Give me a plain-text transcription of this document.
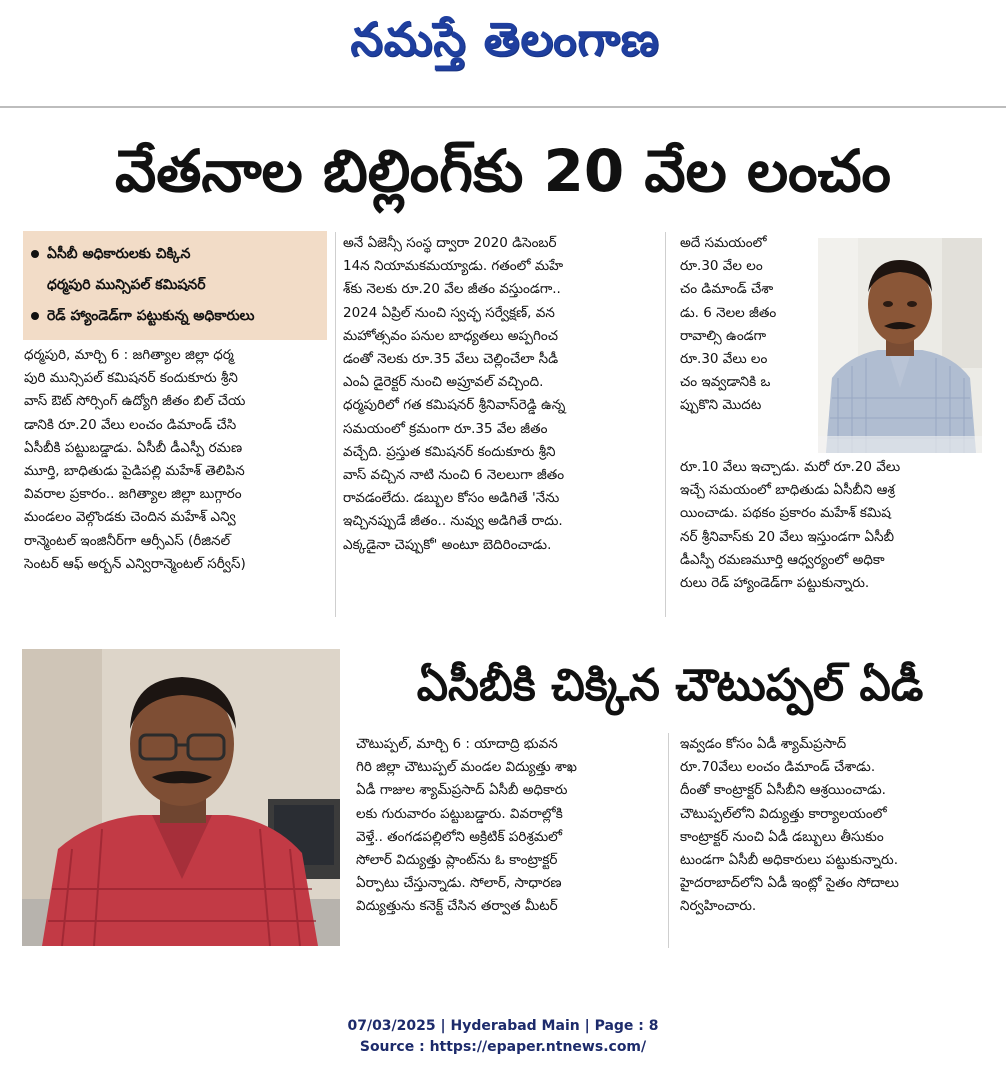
నమస్తే తెలంగాణ
వేతనాల బిల్లింగ్‌కు 20 వేల లంచం
ఏసీబీ అధికారులకు చిక్కిన
ధర్మపురి మున్సిపల్ కమిషనర్
రెడ్ హ్యాండెడ్‌గా పట్టుకున్న అధికారులు

ధర్మపురి, మార్చి 6 : జగిత్యాల జిల్లా ధర్మ

పురి మున్సిపల్ కమిషనర్ కందుకూరు శ్రీని

వాస్ ఔట్ సోర్సింగ్ ఉద్యోగి జీతం బిల్ చేయ

డానికి రూ.20 వేలు లంచం డిమాండ్ చేసి

ఏసీబీకి పట్టుబడ్డాడు. ఏసీబీ డీఎస్పీ రమణ

మూర్తి, బాధితుడు పైడిపల్లి మహేశ్ తెలిపిన

వివరాల ప్రకారం.. జగిత్యాల జిల్లా బుగ్గారం

మండలం వెల్గొండకు చెందిన మహేశ్ ఎన్వి

రాన్మెంటల్ ఇంజినీర్‌గా ఆర్సీఎస్ (రీజినల్

సెంటర్ ఆఫ్ అర్బన్ ఎన్విరాన్మెంటల్ సర్వీస్)

అనే ఏజెన్సీ సంస్థ ద్వారా 2020 డిసెంబర్

14న నియామకమయ్యాడు. గతంలో మహే

శ్‌కు నెలకు రూ.20 వేల జీతం వస్తుండగా..

2024 ఏప్రిల్ నుంచి స్వచ్ఛ సర్వేక్షణ్, వన

మహోత్సవం పనుల బాధ్యతలు అప్పగించ

డంతో నెలకు రూ.35 వేలు చెల్లించేలా సీడీ

ఎంఏ డైరెక్టర్ నుంచి అప్రూవల్ వచ్చింది.

ధర్మపురిలో గత కమిషనర్ శ్రీనివాస్‌రెడ్డి ఉన్న

సమయంలో క్రమంగా రూ.35 వేల జీతం

వచ్చేది. ప్రస్తుత కమిషనర్ కందుకూరు శ్రీని

వాస్ వచ్చిన నాటి నుంచి 6 నెలలుగా జీతం

రావడంలేదు. డబ్బుల కోసం అడిగితే 'నేను

ఇచ్చినప్పుడే జీతం.. నువ్వు అడిగితే రాదు.

ఎక్కడైనా చెప్పుకో' అంటూ బెదిరించాడు.

అదే సమయంలో

రూ.30 వేల లం

చం డిమాండ్ చేశా

డు. 6 నెలల జీతం

రావాల్సి ఉండగా

రూ.30 వేలు లం

చం ఇవ్వడానికి ఒ

ప్పుకొని మొదట

రూ.10 వేలు ఇచ్చాడు. మరో రూ.20 వేలు

ఇచ్చే సమయంలో బాధితుడు ఏసీబీని ఆశ్ర

యించాడు. పథకం ప్రకారం మహేశ్ కమిష

నర్ శ్రీనివాస్‌కు 20 వేలు ఇస్తుండగా ఏసీబీ

డీఎస్పీ రమణమూర్తి ఆధ్వర్యంలో అధికా

రులు రెడ్ హ్యాండెడ్‌గా పట్టుకున్నారు.

ఏసీబీకి చిక్కిన చౌటుప్పల్ ఏడీ

చౌటుప్పల్, మార్చి 6 : యాదాద్రి భువన

గిరి జిల్లా చౌటుప్పల్ మండల విద్యుత్తు శాఖ

ఏడీ గాజుల శ్యామ్‌ప్రసాద్ ఏసీబీ అధికారు

లకు గురువారం పట్టుబడ్డారు. వివరాల్లోకి

వెళ్తే.. తంగడపల్లిలోని అక్రిటిక్ పరిశ్రమలో

సోలార్ విద్యుత్తు ప్లాంట్‌ను ఓ కాంట్రాక్టర్

ఏర్పాటు చేస్తున్నాడు. సోలార్, సాధారణ

విద్యుత్తును కనెక్ట్ చేసిన తర్వాత మీటర్

ఇవ్వడం కోసం ఏడీ శ్యామ్‌ప్రసాద్

రూ.70వేలు లంచం డిమాండ్ చేశాడు.

దీంతో కాంట్రాక్టర్ ఏసీబీని ఆశ్రయించాడు.

చౌటుప్పల్‌లోని విద్యుత్తు కార్యాలయంలో

కాంట్రాక్టర్ నుంచి ఏడీ డబ్బులు తీసుకుం

టుండగా ఏసీబీ అధికారులు పట్టుకున్నారు.

హైదరాబాద్‌లోని ఏడీ ఇంట్లో సైతం సోదాలు

నిర్వహించారు.

07/03/2025 | Hyderabad Main | Page : 8
Source : https://epaper.ntnews.com/
